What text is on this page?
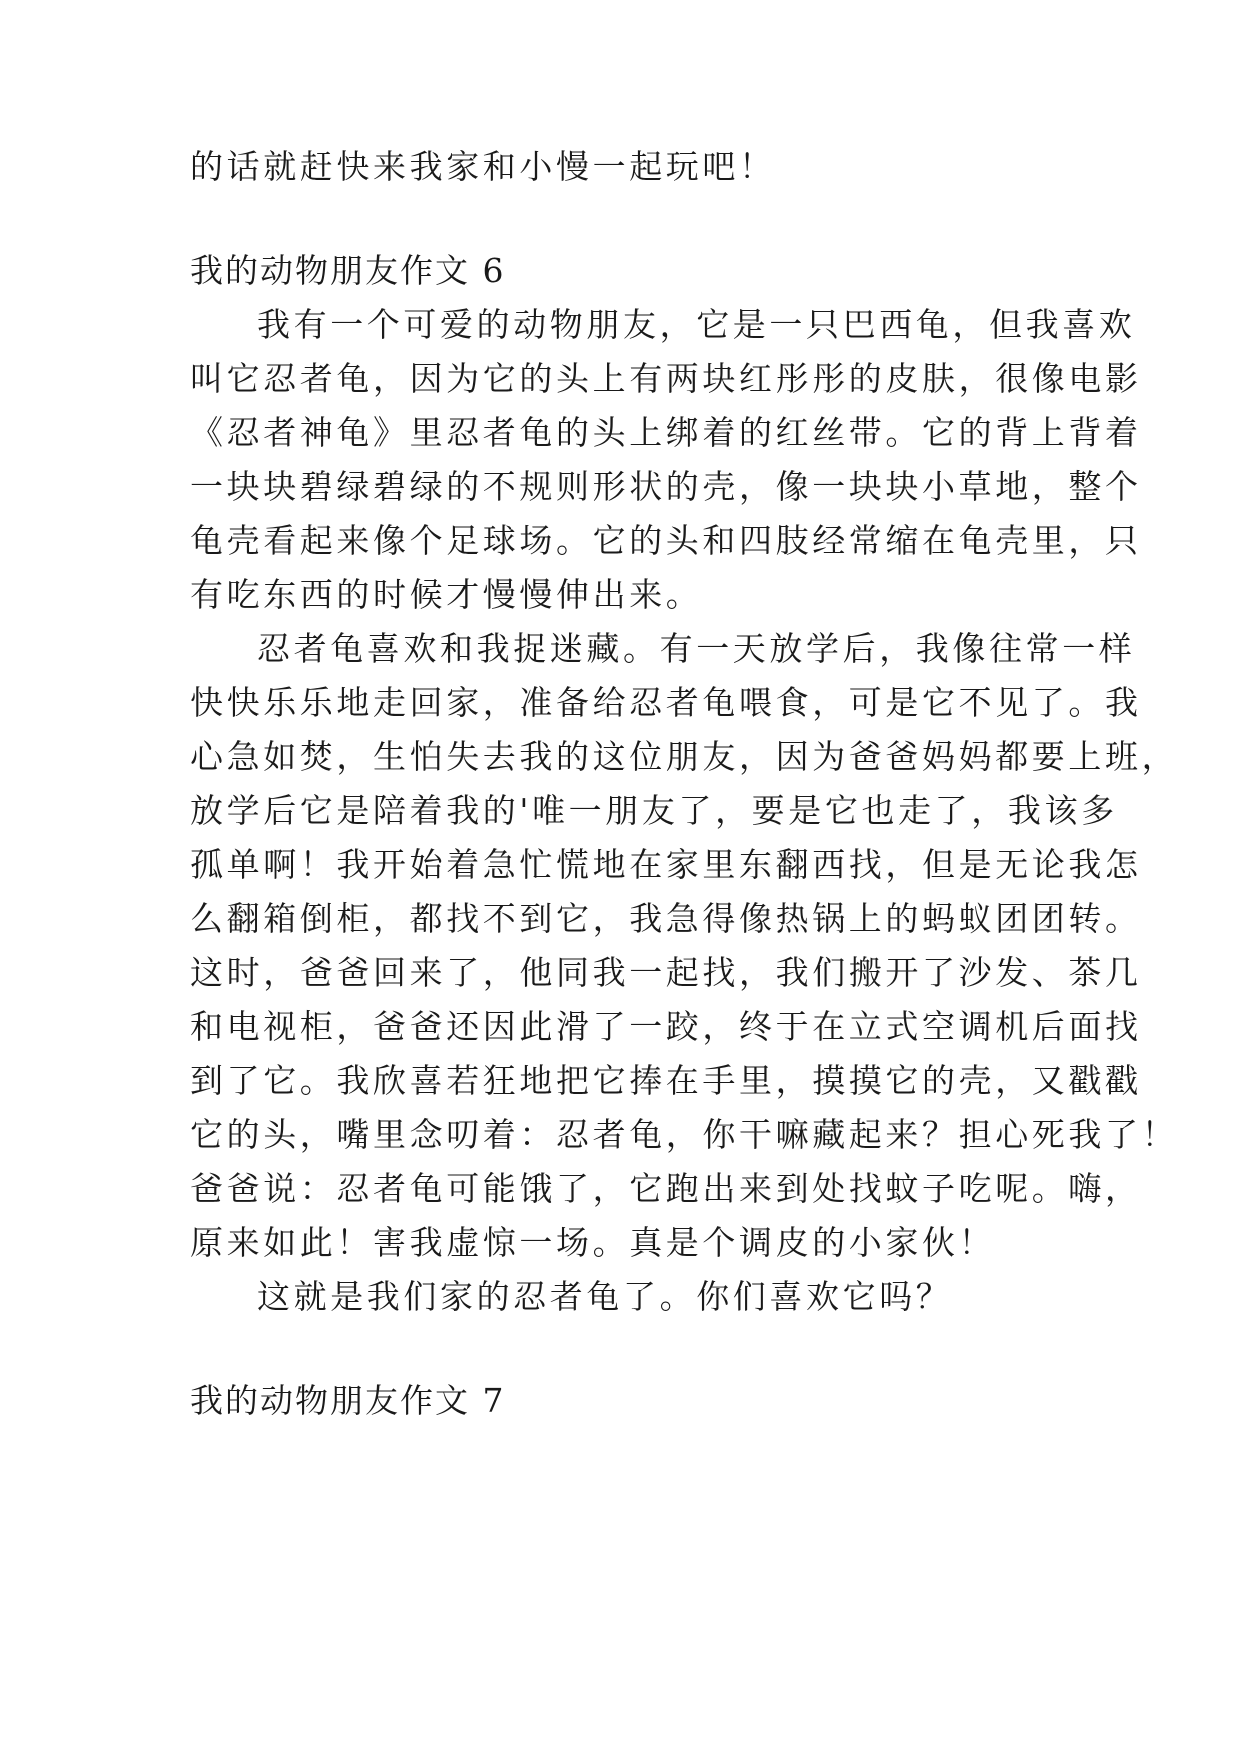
的话就赶快来我家和小慢一起玩吧！
我的动物朋友作文 6
我有一个可爱的动物朋友，它是一只巴西龟，但我喜欢
叫它忍者龟，因为它的头上有两块红彤彤的皮肤，很像电影
《忍者神龟》里忍者龟的头上绑着的红丝带。它的背上背着
一块块碧绿碧绿的不规则形状的壳，像一块块小草地，整个
龟壳看起来像个足球场。它的头和四肢经常缩在龟壳里，只
有吃东西的时候才慢慢伸出来。
忍者龟喜欢和我捉迷藏。有一天放学后，我像往常一样
快快乐乐地走回家，准备给忍者龟喂食，可是它不见了。我
心急如焚，生怕失去我的这位朋友，因为爸爸妈妈都要上班，
放学后它是陪着我的'唯一朋友了，要是它也走了，我该多
孤单啊！我开始着急忙慌地在家里东翻西找，但是无论我怎
么翻箱倒柜，都找不到它，我急得像热锅上的蚂蚁团团转。
这时，爸爸回来了，他同我一起找，我们搬开了沙发、茶几
和电视柜，爸爸还因此滑了一跤，终于在立式空调机后面找
到了它。我欣喜若狂地把它捧在手里，摸摸它的壳，又戳戳
它的头，嘴里念叨着：忍者龟，你干嘛藏起来？担心死我了！
爸爸说：忍者龟可能饿了，它跑出来到处找蚊子吃呢。嗨，
原来如此！害我虚惊一场。真是个调皮的小家伙！
这就是我们家的忍者龟了。你们喜欢它吗？
我的动物朋友作文 7
